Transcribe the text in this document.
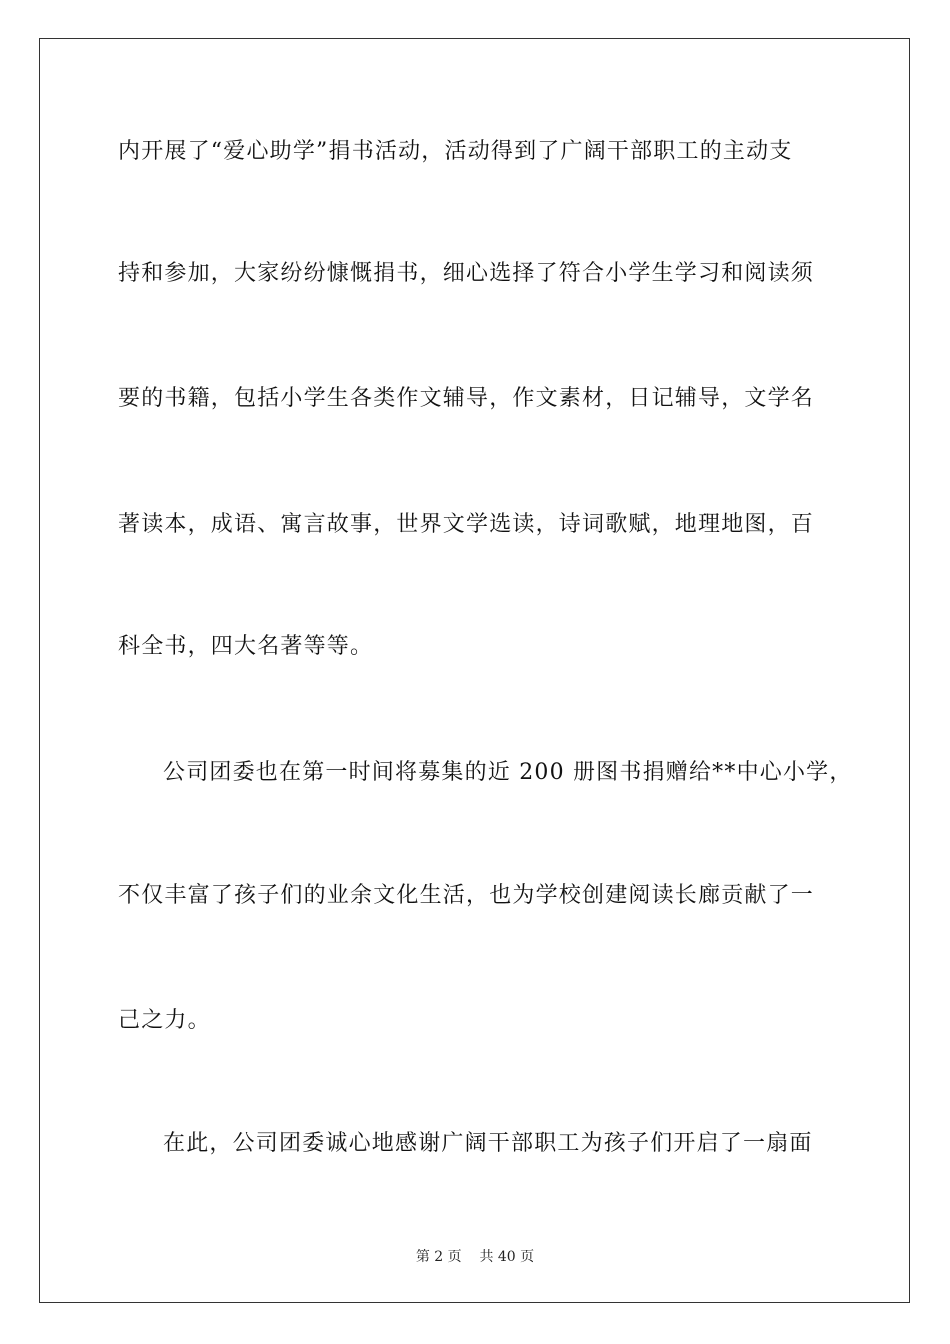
内开展了“爱心助学”捐书活动，活动得到了广阔干部职工的主动支
持和参加，大家纷纷慷慨捐书，细心选择了符合小学生学习和阅读须
要的书籍，包括小学生各类作文辅导，作文素材，日记辅导，文学名
著读本，成语、寓言故事，世界文学选读，诗词歌赋，地理地图，百
科全书，四大名著等等。
公司团委也在第一时间将募集的近 200 册图书捐赠给**中心小学，
不仅丰富了孩子们的业余文化生活，也为学校创建阅读长廊贡献了一
己之力。
在此，公司团委诚心地感谢广阔干部职工为孩子们开启了一扇面
第 2 页 共 40 页
